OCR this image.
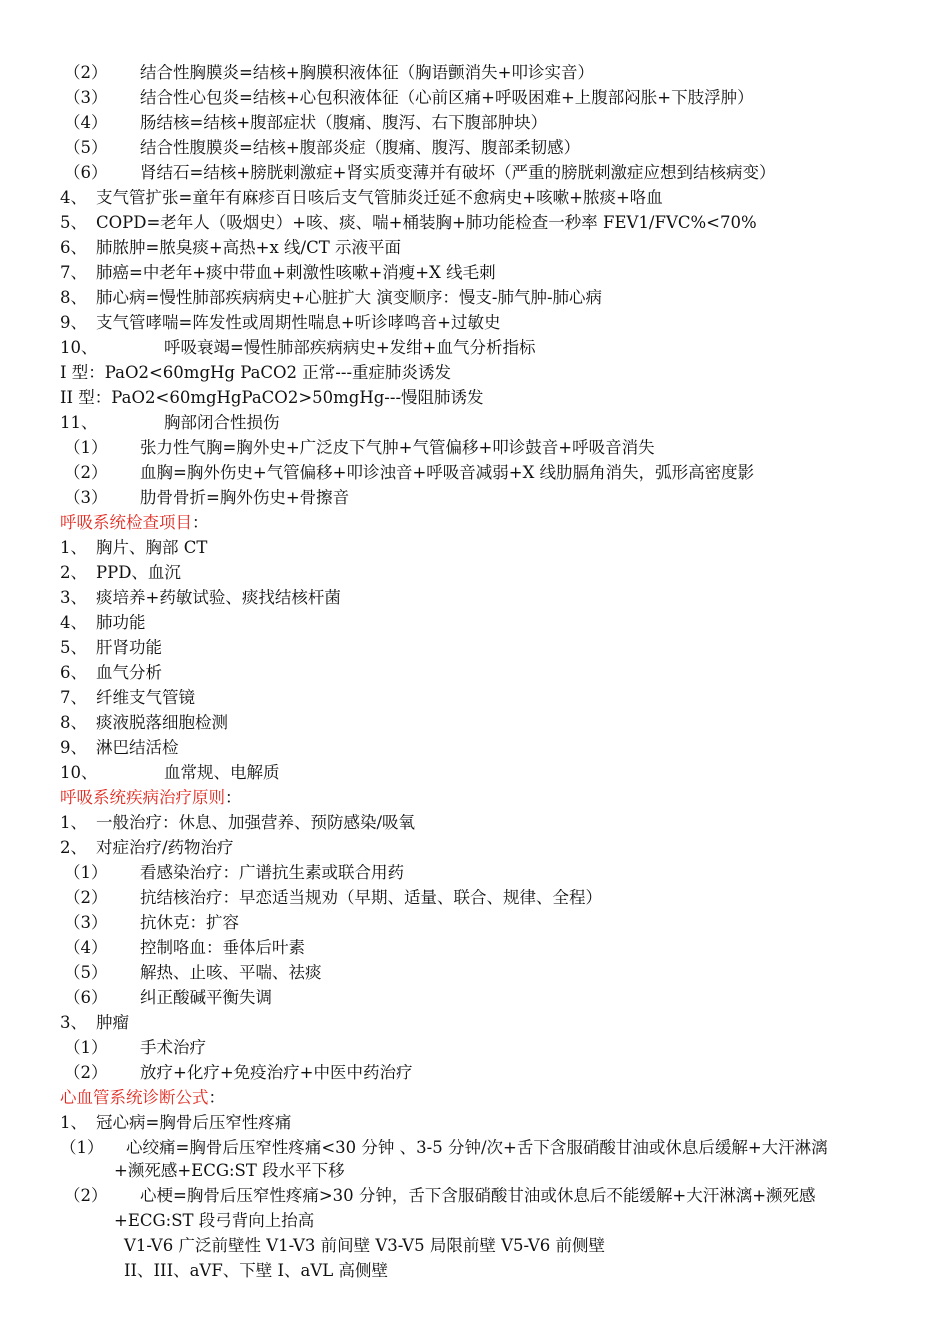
（2） 结合性胸膜炎=结核+胸膜积液体征（胸语颤消失+叩诊实音）
（3） 结合性心包炎=结核+心包积液体征（心前区痛+呼吸困难+上腹部闷胀+下肢浮肿）
（4） 肠结核=结核+腹部症状（腹痛、腹泻、右下腹部肿块）
（5） 结合性腹膜炎=结核+腹部炎症（腹痛、腹泻、腹部柔韧感）
（6） 肾结石=结核+膀胱刺激症+肾实质变薄并有破坏（严重的膀胱刺激症应想到结核病变）
4、 支气管扩张=童年有麻疹百日咳后支气管肺炎迁延不愈病史+咳嗽+脓痰+咯血
5、 COPD=老年人（吸烟史）+咳、痰、喘+桶装胸+肺功能检查一秒率 FEV1/FVC%<70%
6、 肺脓肿=脓臭痰+高热+x 线/CT 示液平面
7、 肺癌=中老年+痰中带血+刺激性咳嗽+消瘦+X 线毛刺
8、 肺心病=慢性肺部疾病病史+心脏扩大 演变顺序：慢支-肺气肿-肺心病
9、 支气管哮喘=阵发性或周期性喘息+听诊哮鸣音+过敏史
10、	呼吸衰竭=慢性肺部疾病病史+发绀+血气分析指标
I 型：PaO2<60mgHg PaCO2 正常---重症肺炎诱发
II 型：PaO2<60mgHgPaCO2>50mgHg---慢阻肺诱发
11、	胸部闭合性损伤
（1） 张力性气胸=胸外史+广泛皮下气肿+气管偏移+叩诊鼓音+呼吸音消失
（2） 血胸=胸外伤史+气管偏移+叩诊浊音+呼吸音减弱+X 线肋膈角消失，弧形高密度影
（3） 肋骨骨折=胸外伤史+骨擦音
呼吸系统检查项目：
1、 胸片、胸部 CT
2、 PPD、血沉
3、 痰培养+药敏试验、痰找结核杆菌
4、 肺功能
5、 肝肾功能
6、 血气分析
7、 纤维支气管镜
8、 痰液脱落细胞检测
9、 淋巴结活检
10、	血常规、电解质
呼吸系统疾病治疗原则：
1、 一般治疗：休息、加强营养、预防感染/吸氧
2、 对症治疗/药物治疗
（1） 看感染治疗：广谱抗生素或联合用药
（2） 抗结核治疗：早恋适当规劝（早期、适量、联合、规律、全程）
（3） 抗休克：扩容
（4） 控制咯血：垂体后叶素
（5） 解热、止咳、平喘、祛痰
（6） 纠正酸碱平衡失调
3、 肿瘤
（1） 手术治疗
（2） 放疗+化疗+免疫治疗+中医中药治疗
心血管系统诊断公式：
1、 冠心病=胸骨后压窄性疼痛
（1） 心绞痛=胸骨后压窄性疼痛<30 分钟 、3-5 分钟/次+舌下含服硝酸甘油或休息后缓解+大汗淋漓
+濒死感+ECG:ST 段水平下移
（2） 心梗=胸骨后压窄性疼痛>30 分钟，舌下含服硝酸甘油或休息后不能缓解+大汗淋漓+濒死感
+ECG:ST 段弓背向上抬高
V1-V6 广泛前壁性 V1-V3 前间壁 V3-V5 局限前壁 V5-V6 前侧壁
II、III、aVF、下壁 I、aVL 高侧壁
